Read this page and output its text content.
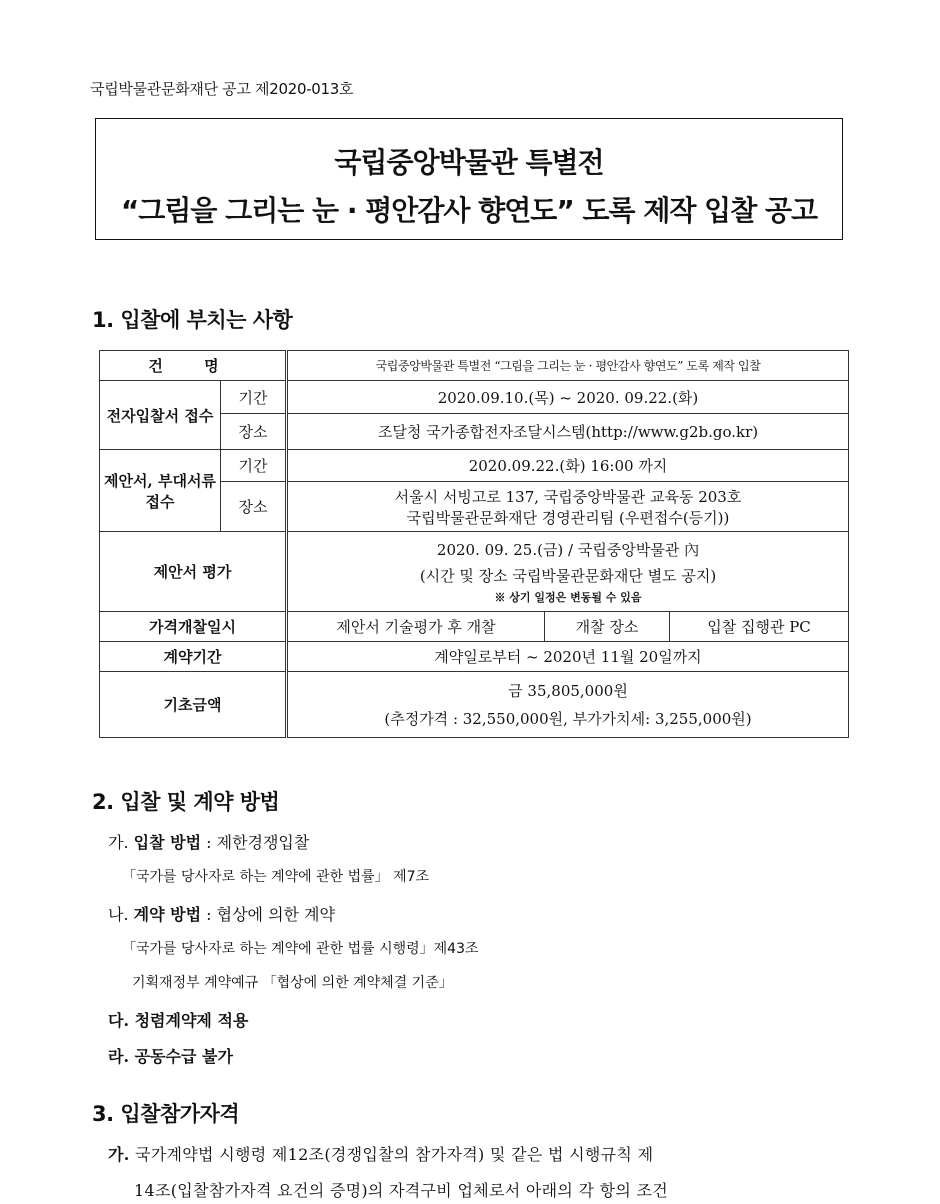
국립박물관문화재단 공고 제2020-013호
국립중앙박물관 특별전
“그림을 그리는 눈 · 평안감사 향연도” 도록 제작 입찰 공고
1. 입찰에 부치는 사항
건 명		국립중앙박물관 특별전 “그림을 그리는 눈 · 평안감사 향연도” 도록 제작 입찰		
전자입찰서 접수	기간	2020.09.10.(목) ~ 2020. 09.22.(화)		
	장소	조달청 국가종합전자조달시스템(http://www.g2b.go.kr)		
제안서, 부대서류접수	기간	2020.09.22.(화) 16:00 까지		
	장소	서울시 서빙고로 137, 국립중앙박물관 교육동 203호
국립박물관문화재단 경영관리팀 (우편접수(등기))		

제안서 평가		2020. 09. 25.(금) / 국립중앙박물관 內
(시간 및 장소 국립박물관문화재단 별도 공지)
※ 상기 일정은 변동될 수 있음		

가격개찰일시		제안서 기술평가 후 개찰	개찰 장소	입찰 집행관 PC
계약기간		계약일로부터 ~ 2020년 11월 20일까지		
기초금액		금 35,805,000원
(추정가격 : 32,550,000원, 부가가치세: 3,255,000원)		
2. 입찰 및 계약 방법
가. 입찰 방법 : 제한경쟁입찰
「국가를 당사자로 하는 계약에 관한 법률」 제7조
나. 계약 방법 : 협상에 의한 계약
「국가를 당사자로 하는 계약에 관한 법률 시행령」제43조
기획재정부 계약예규 「협상에 의한 계약체결 기준」
다. 청렴계약제 적용
라. 공동수급 불가
3. 입찰참가자격
가. 국가계약법 시행령 제12조(경쟁입찰의 참가자격) 및 같은 법 시행규칙 제
14조(입찰참가자격 요건의 증명)의 자격구비 업체로서 아래의 각 항의 조건
